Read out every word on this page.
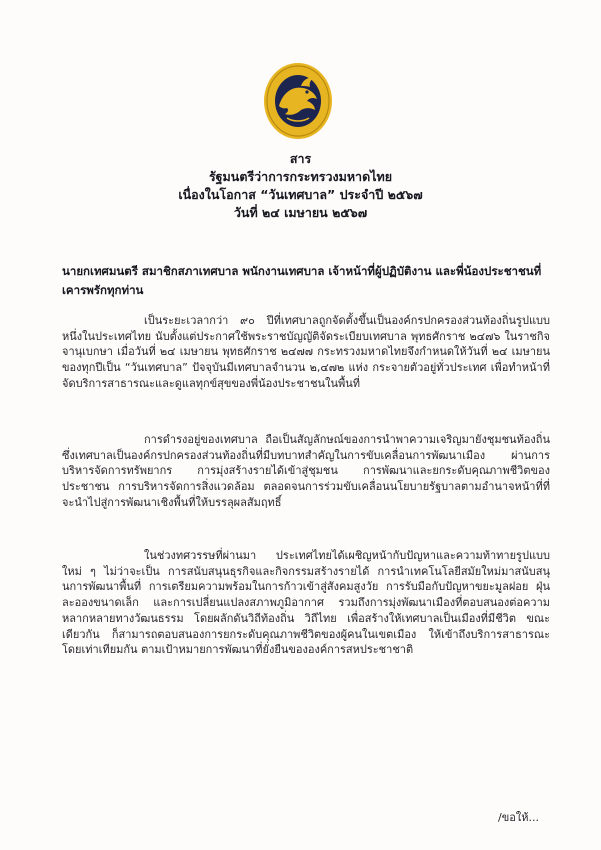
สาร
รัฐมนตรีว่าการกระทรวงมหาดไทย
เนื่องในโอกาส “วันเทศบาล” ประจำปี ๒๕๖๗
วันที่ ๒๔ เมษายน ๒๕๖๗
นายกเทศมนตรี สมาชิกสภาเทศบาล พนักงานเทศบาล เจ้าหน้าที่ผู้ปฏิบัติงาน และพี่น้องประชาชนที่เคารพรักทุกท่าน

เป็นระยะเวลากว่า ๙๐ ปีที่เทศบาลถูกจัดตั้งขึ้นเป็นองค์กรปกครองส่วนท้องถิ่นรูปแบบหนึ่งในประเทศไทย นับตั้งแต่ประกาศใช้พระราชบัญญัติจัดระเบียบเทศบาล พุทธศักราช ๒๔๗๖ ในราชกิจจานุเบกษา เมื่อวันที่ ๒๔ เมษายน พุทธศักราช ๒๔๗๗ กระทรวงมหาดไทยจึงกำหนดให้วันที่ ๒๔ เมษายนของทุกปีเป็น “วันเทศบาล” ปัจจุบันมีเทศบาลจำนวน ๒,๔๗๒ แห่ง กระจายตัวอยู่ทั่วประเทศ เพื่อทำหน้าที่จัดบริการสาธารณะและดูแลทุกข์สุขของพี่น้องประชาชนในพื้นที่

การดำรงอยู่ของเทศบาล ถือเป็นสัญลักษณ์ของการนำพาความเจริญมายังชุมชนท้องถิ่น ซึ่งเทศบาลเป็นองค์กรปกครองส่วนท้องถิ่นที่มีบทบาทสำคัญในการขับเคลื่อนการพัฒนาเมือง ผ่านการบริหารจัดการทรัพยากร การมุ่งสร้างรายได้เข้าสู่ชุมชน การพัฒนาและยกระดับคุณภาพชีวิตของประชาชน การบริหารจัดการสิ่งแวดล้อม ตลอดจนการร่วมขับเคลื่อนนโยบายรัฐบาลตามอำนาจหน้าที่ที่จะนำไปสู่การพัฒนาเชิงพื้นที่ให้บรรลุผลสัมฤทธิ์

ในช่วงทศวรรษที่ผ่านมา ประเทศไทยได้เผชิญหน้ากับปัญหาและความท้าทายรูปแบบใหม่ ๆ ไม่ว่าจะเป็น การสนับสนุนธุรกิจและกิจกรรมสร้างรายได้ การนำเทคโนโลยีสมัยใหม่มาสนับสนุนการพัฒนาพื้นที่ การเตรียมความพร้อมในการก้าวเข้าสู่สังคมสูงวัย การรับมือกับปัญหาขยะมูลฝอย ฝุ่นละอองขนาดเล็ก และการเปลี่ยนแปลงสภาพภูมิอากาศ รวมถึงการมุ่งพัฒนาเมืองที่ตอบสนองต่อความหลากหลายทางวัฒนธรรม โดยผลักดันวิถีท้องถิ่น วิถีไทย เพื่อสร้างให้เทศบาลเป็นเมืองที่มีชีวิต ขณะเดียวกัน ก็สามารถตอบสนองการยกระดับคุณภาพชีวิตของผู้คนในเขตเมือง ให้เข้าถึงบริการสาธารณะโดยเท่าเทียมกัน ตามเป้าหมายการพัฒนาที่ยั่งยืนขององค์การสหประชาชาติ

/ขอให้...
